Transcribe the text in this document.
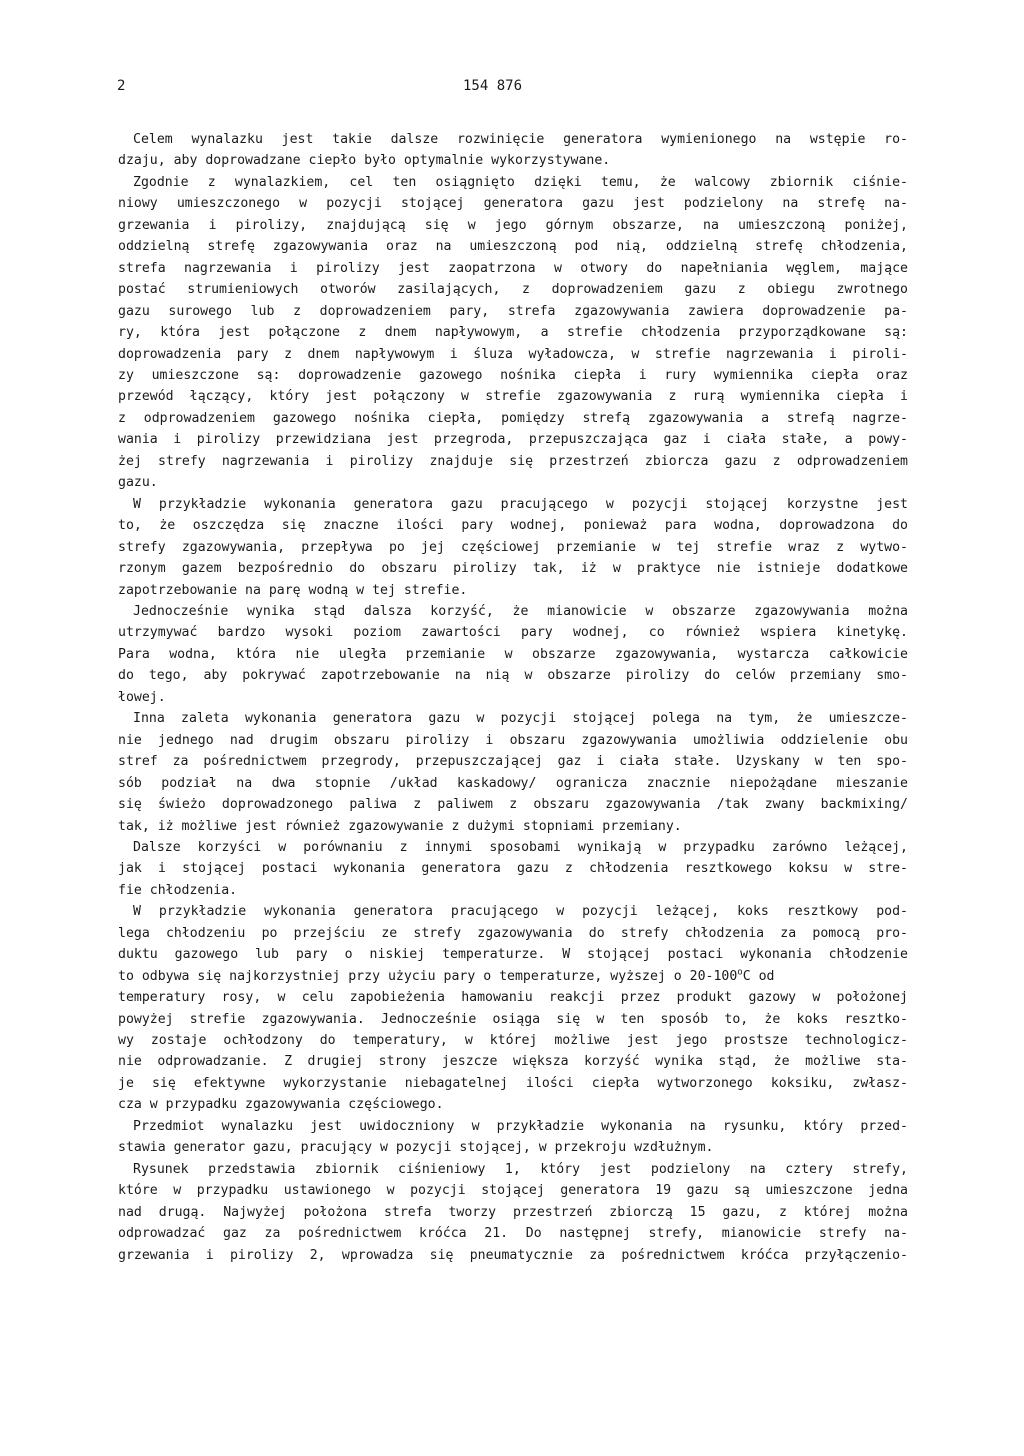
2	154 876
Celem wynalazku jest takie dalsze rozwinięcie generatora wymienionego na wstępie ro-
dzaju, aby doprowadzane ciepło było optymalnie wykorzystywane.
Zgodnie z wynalazkiem, cel ten osiągnięto dzięki temu, że walcowy zbiornik ciśnie-
niowy umieszczonego w pozycji stojącej generatora gazu jest podzielony na strefę na-
grzewania i pirolizy, znajdującą się w jego górnym obszarze, na umieszczoną poniżej,
oddzielną strefę zgazowywania oraz na umieszczoną pod nią, oddzielną strefę chłodzenia,
strefa nagrzewania i pirolizy jest zaopatrzona w otwory do napełniania węglem, mające
postać strumieniowych otworów zasilających, z doprowadzeniem gazu z obiegu zwrotnego
gazu surowego lub z doprowadzeniem pary, strefa zgazowywania zawiera doprowadzenie pa-
ry, która jest połączone z dnem napływowym, a strefie chłodzenia przyporządkowane są:
doprowadzenia pary z dnem napływowym i śluza wyładowcza, w strefie nagrzewania i piroli-
zy umieszczone są: doprowadzenie gazowego nośnika ciepła i rury wymiennika ciepła oraz
przewód łączący, który jest połączony w strefie zgazowywania z rurą wymiennika ciepła i
z odprowadzeniem gazowego nośnika ciepła, pomiędzy strefą zgazowywania a strefą nagrze-
wania i pirolizy przewidziana jest przegroda, przepuszczająca gaz i ciała stałe, a powy-
żej strefy nagrzewania i pirolizy znajduje się przestrzeń zbiorcza gazu z odprowadzeniem
gazu.
W przykładzie wykonania generatora gazu pracującego w pozycji stojącej korzystne jest
to, że oszczędza się znaczne ilości pary wodnej, ponieważ para wodna, doprowadzona do
strefy zgazowywania, przepływa po jej częściowej przemianie w tej strefie wraz z wytwo-
rzonym gazem bezpośrednio do obszaru pirolizy tak, iż w praktyce nie istnieje dodatkowe
zapotrzebowanie na parę wodną w tej strefie.
Jednocześnie wynika stąd dalsza korzyść, że mianowicie w obszarze zgazowywania można
utrzymywać bardzo wysoki poziom zawartości pary wodnej, co również wspiera kinetykę.
Para wodna, która nie uległa przemianie w obszarze zgazowywania, wystarcza całkowicie
do tego, aby pokrywać zapotrzebowanie na nią w obszarze pirolizy do celów przemiany smo-
łowej.
Inna zaleta wykonania generatora gazu w pozycji stojącej polega na tym, że umieszcze-
nie jednego nad drugim obszaru pirolizy i obszaru zgazowywania umożliwia oddzielenie obu
stref za pośrednictwem przegrody, przepuszczającej gaz i ciała stałe. Uzyskany w ten spo-
sób podział na dwa stopnie /układ kaskadowy/ ogranicza znacznie niepożądane mieszanie
się świeżo doprowadzonego paliwa z paliwem z obszaru zgazowywania /tak zwany backmixing/
tak, iż możliwe jest również zgazowywanie z dużymi stopniami przemiany.
Dalsze korzyści w porównaniu z innymi sposobami wynikają w przypadku zarówno leżącej,
jak i stojącej postaci wykonania generatora gazu z chłodzenia resztkowego koksu w stre-
fie chłodzenia.
W przykładzie wykonania generatora pracującego w pozycji leżącej, koks resztkowy pod-
lega chłodzeniu po przejściu ze strefy zgazowywania do strefy chłodzenia za pomocą pro-
duktu gazowego lub pary o niskiej temperaturze. W stojącej postaci wykonania chłodzenie
to odbywa się najkorzystniej przy użyciu pary o temperaturze, wyższej o 20-100$^o$C od
temperatury rosy, w celu zapobieżenia hamowaniu reakcji przez produkt gazowy w położonej
powyżej strefie zgazowywania. Jednocześnie osiąga się w ten sposób to, że koks resztko-
wy zostaje ochłodzony do temperatury, w której możliwe jest jego prostsze technologicz-
nie odprowadzanie. Z drugiej strony jeszcze większa korzyść wynika stąd, że możliwe sta-
je się efektywne wykorzystanie niebagatelnej ilości ciepła wytworzonego koksiku, zwłasz-
cza w przypadku zgazowywania częściowego.
Przedmiot wynalazku jest uwidoczniony w przykładzie wykonania na rysunku, który przed-
stawia generator gazu, pracujący w pozycji stojącej, w przekroju wzdłużnym.
Rysunek przedstawia zbiornik ciśnieniowy 1, który jest podzielony na cztery strefy,
które w przypadku ustawionego w pozycji stojącej generatora 19 gazu są umieszczone jedna
nad drugą. Najwyżej położona strefa tworzy przestrzeń zbiorczą 15 gazu, z której można
odprowadzać gaz za pośrednictwem króćca 21. Do następnej strefy, mianowicie strefy na-
grzewania i pirolizy 2, wprowadza się pneumatycznie za pośrednictwem króćca przyłączenio-
